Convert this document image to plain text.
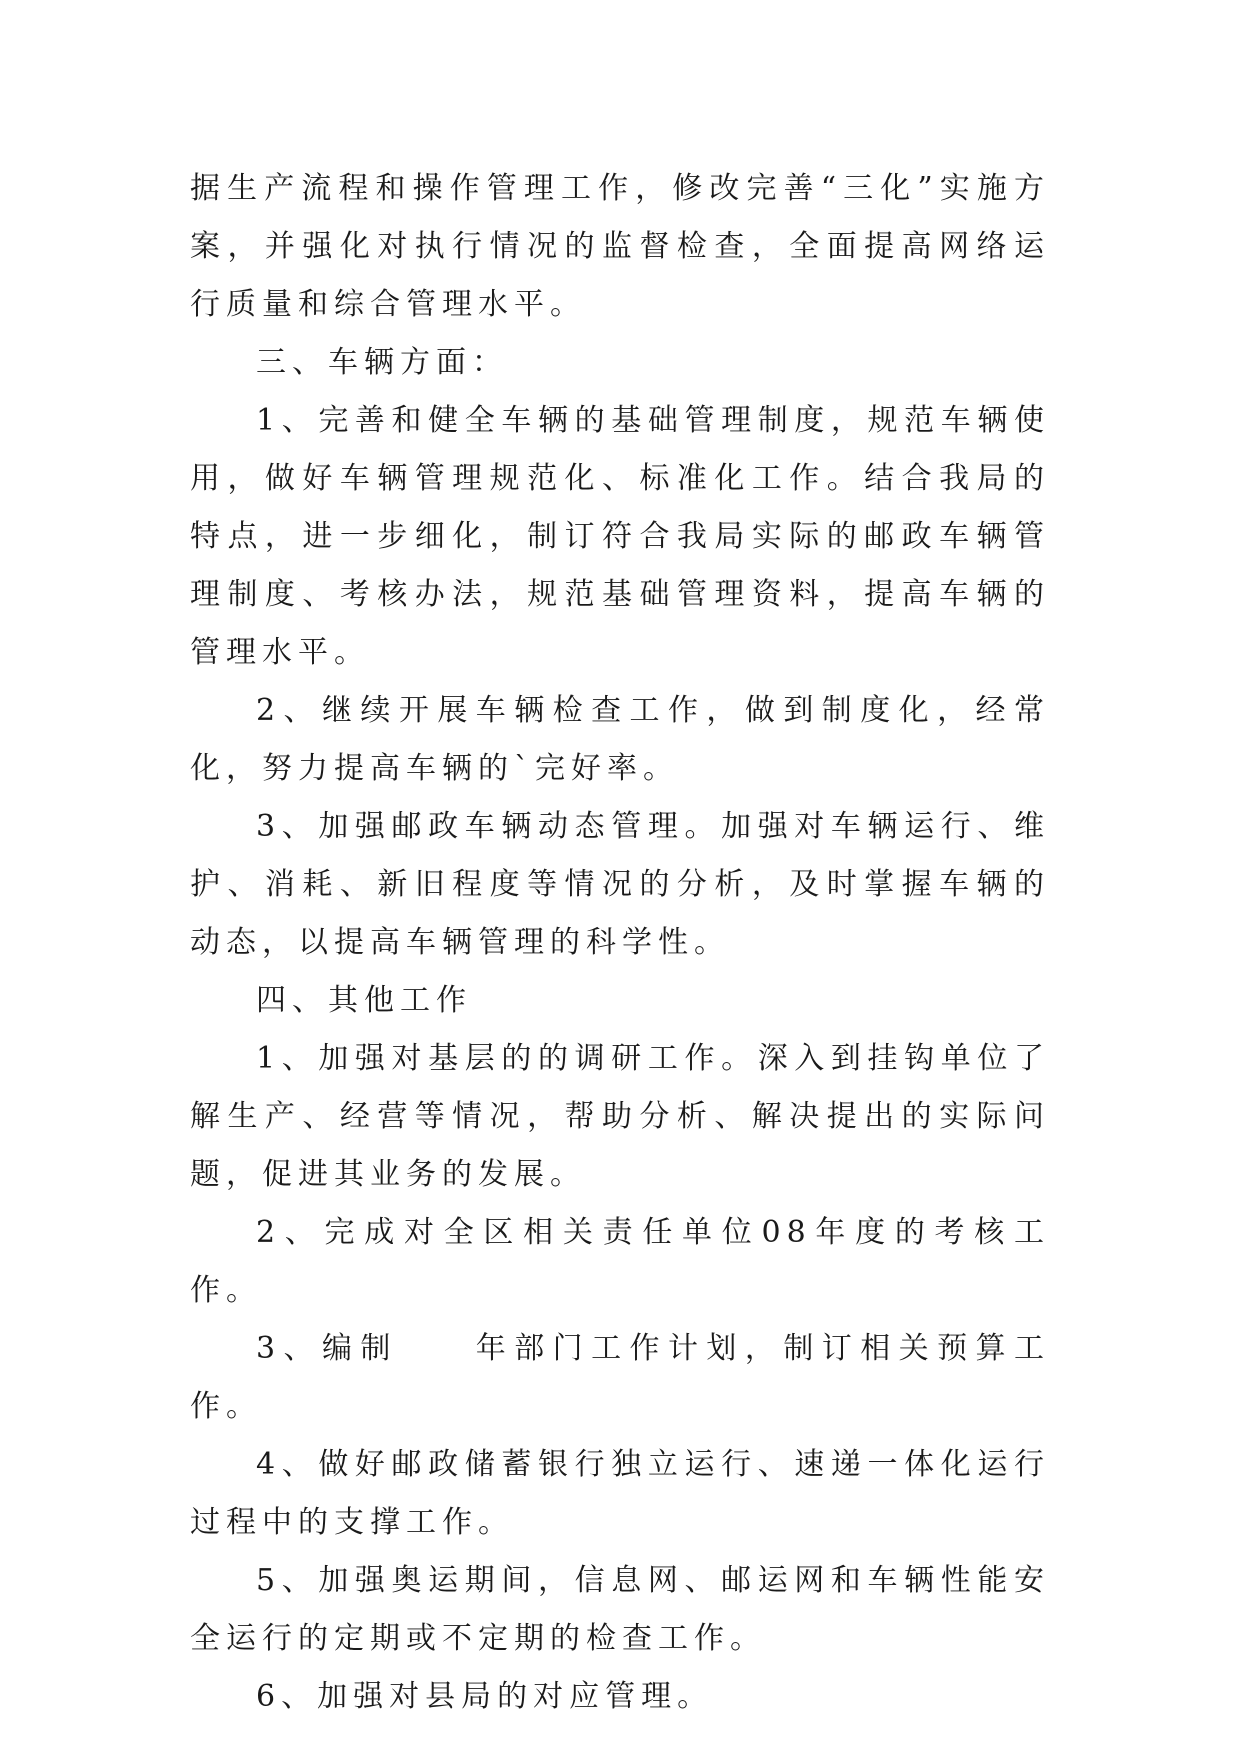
据生产流程和操作管理工作，修改完善“三化”实施方案，并强化对执行情况的监督检查，全面提高网络运行质量和综合管理水平。

三、车辆方面：

1、完善和健全车辆的基础管理制度，规范车辆使用，做好车辆管理规范化、标准化工作。结合我局的特点，进一步细化，制订符合我局实际的邮政车辆管理制度、考核办法，规范基础管理资料，提高车辆的管理水平。

2、继续开展车辆检查工作，做到制度化，经常化，努力提高车辆的`完好率。

3、加强邮政车辆动态管理。加强对车辆运行、维护、消耗、新旧程度等情况的分析，及时掌握车辆的动态，以提高车辆管理的科学性。

四、其他工作

1、加强对基层的的调研工作。深入到挂钩单位了解生产、经营等情况，帮助分析、解决提出的实际问题，促进其业务的发展。

2、完成对全区相关责任单位08年度的考核工作。

3、编制　　年部门工作计划，制订相关预算工作。

4、做好邮政储蓄银行独立运行、速递一体化运行过程中的支撑工作。

5、加强奥运期间，信息网、邮运网和车辆性能安全运行的定期或不定期的检查工作。

6、加强对县局的对应管理。
